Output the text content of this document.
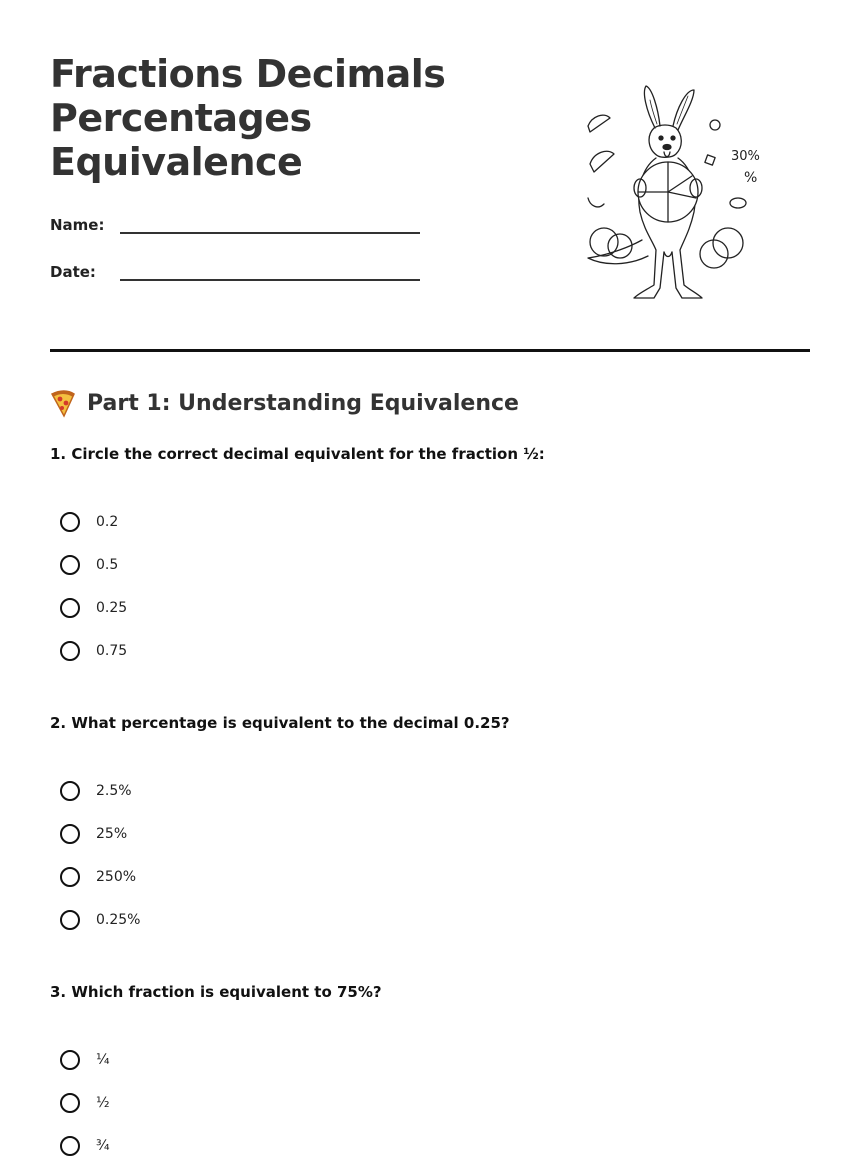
Fractions Decimals
Percentages
Equivalence
Name:
Date:
30%
%
Part 1: Understanding Equivalence
1. Circle the correct decimal equivalent for the fraction ½:
0.2
0.5
0.25
0.75
2. What percentage is equivalent to the decimal 0.25?
2.5%
25%
250%
0.25%
3. Which fraction is equivalent to 75%?
¼
½
¾
